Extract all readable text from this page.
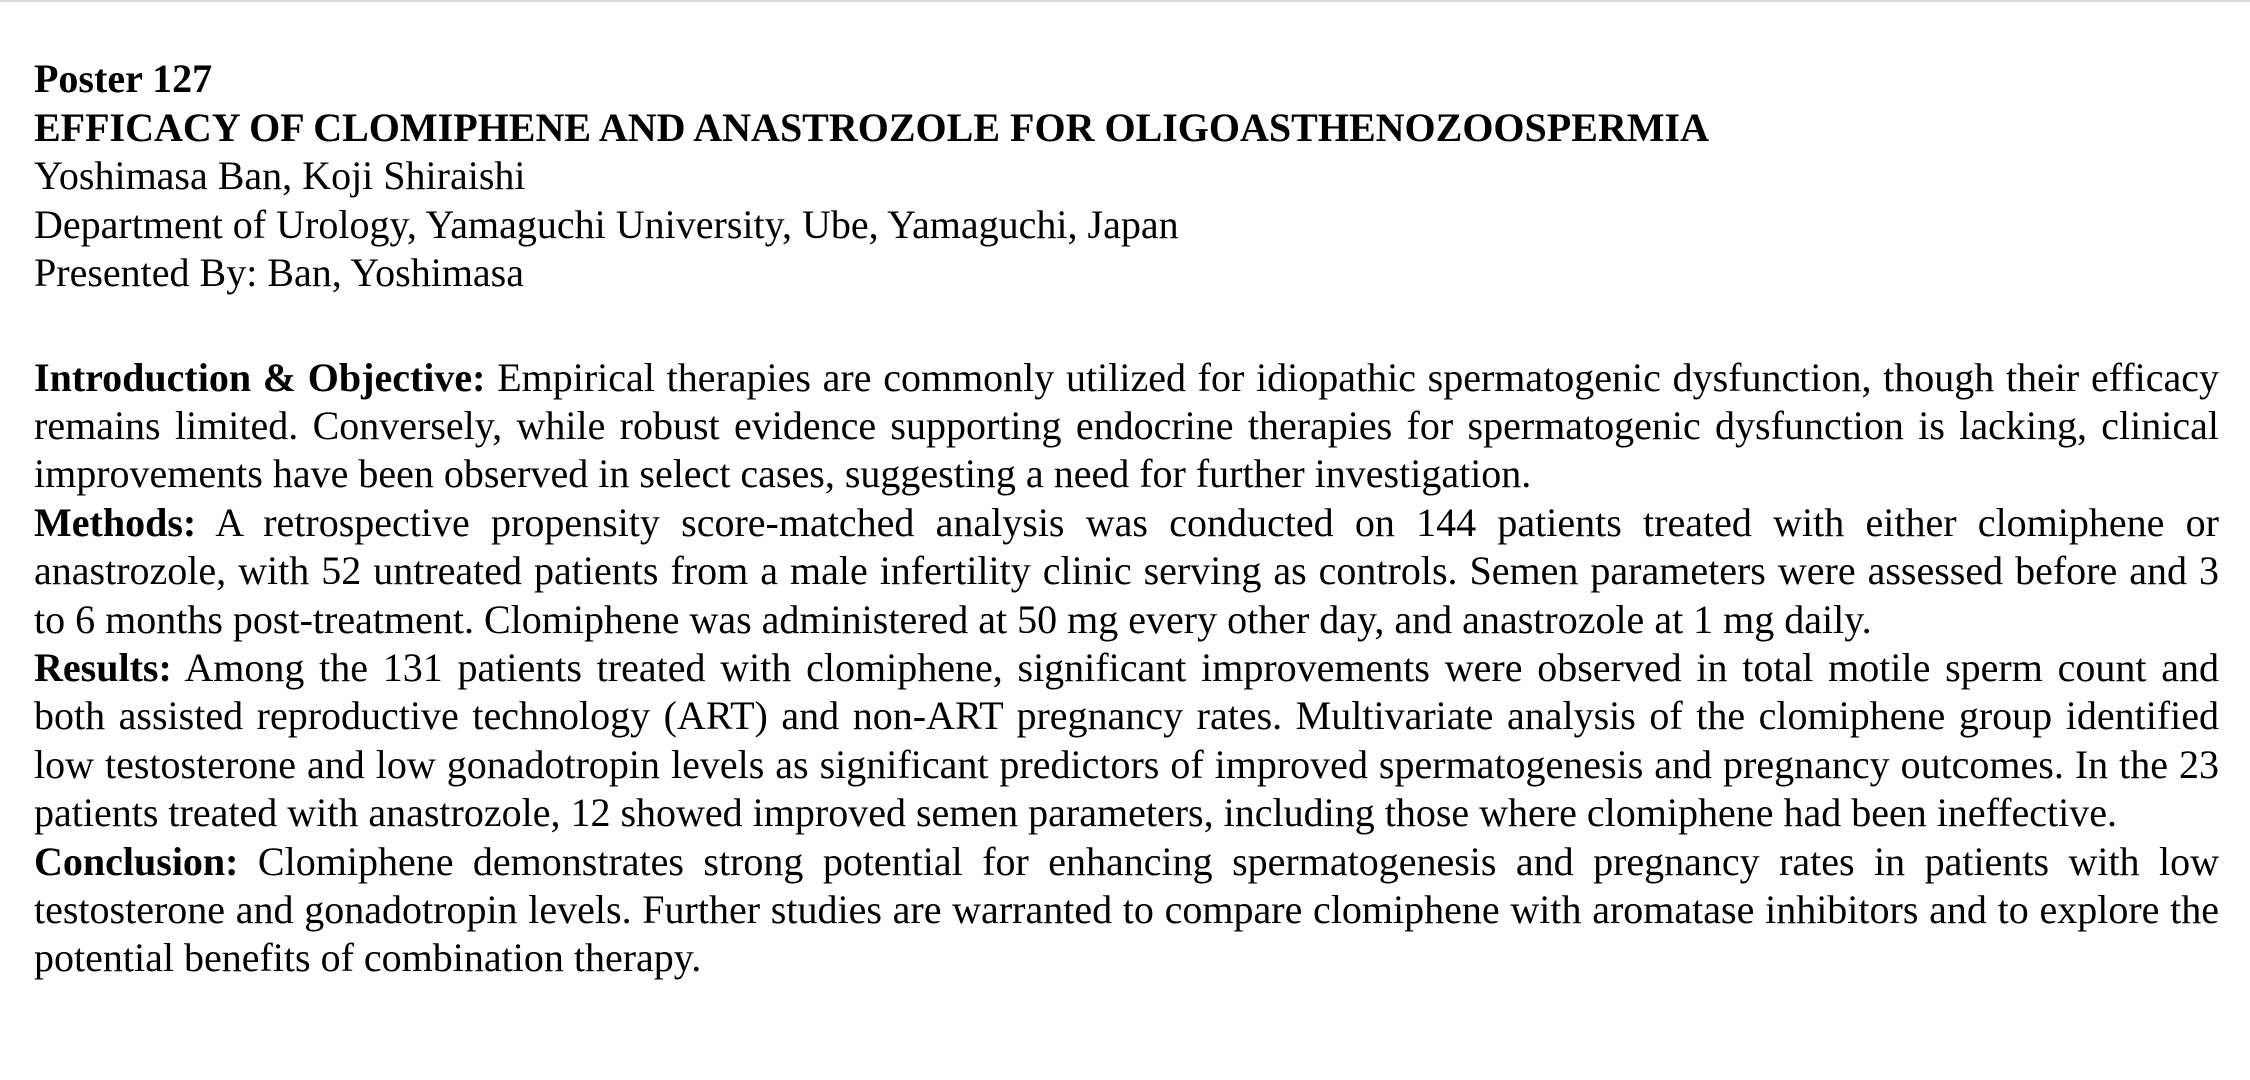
Poster 127
EFFICACY OF CLOMIPHENE AND ANASTROZOLE FOR OLIGOASTHENOZOOSPERMIA
Yoshimasa Ban, Koji Shiraishi
Department of Urology, Yamaguchi University, Ube, Yamaguchi, Japan
Presented By: Ban, Yoshimasa

Introduction & Objective: Empirical therapies are commonly utilized for idiopathic spermatogenic dysfunction, though their efficacy remains limited. Conversely, while robust evidence supporting endocrine therapies for spermatogenic dysfunction is lacking, clinical improvements have been observed in select cases, suggesting a need for further investigation.

Methods: A retrospective propensity score-matched analysis was conducted on 144 patients treated with either clomiphene or anastrozole, with 52 untreated patients from a male infertility clinic serving as controls. Semen parameters were assessed before and 3 to 6 months post-treatment. Clomiphene was administered at 50 mg every other day, and anastrozole at 1 mg daily.

Results: Among the 131 patients treated with clomiphene, significant improvements were observed in total motile sperm count and both assisted reproductive technology (ART) and non-ART pregnancy rates. Multivariate analysis of the clomiphene group identified low testosterone and low gonadotropin levels as significant predictors of improved spermatogenesis and pregnancy outcomes. In the 23 patients treated with anastrozole, 12 showed improved semen parameters, including those where clomiphene had been ineffective.

Conclusion: Clomiphene demonstrates strong potential for enhancing spermatogenesis and pregnancy rates in patients with low testosterone and gonadotropin levels. Further studies are warranted to compare clomiphene with aromatase inhibitors and to explore the potential benefits of combination therapy.
